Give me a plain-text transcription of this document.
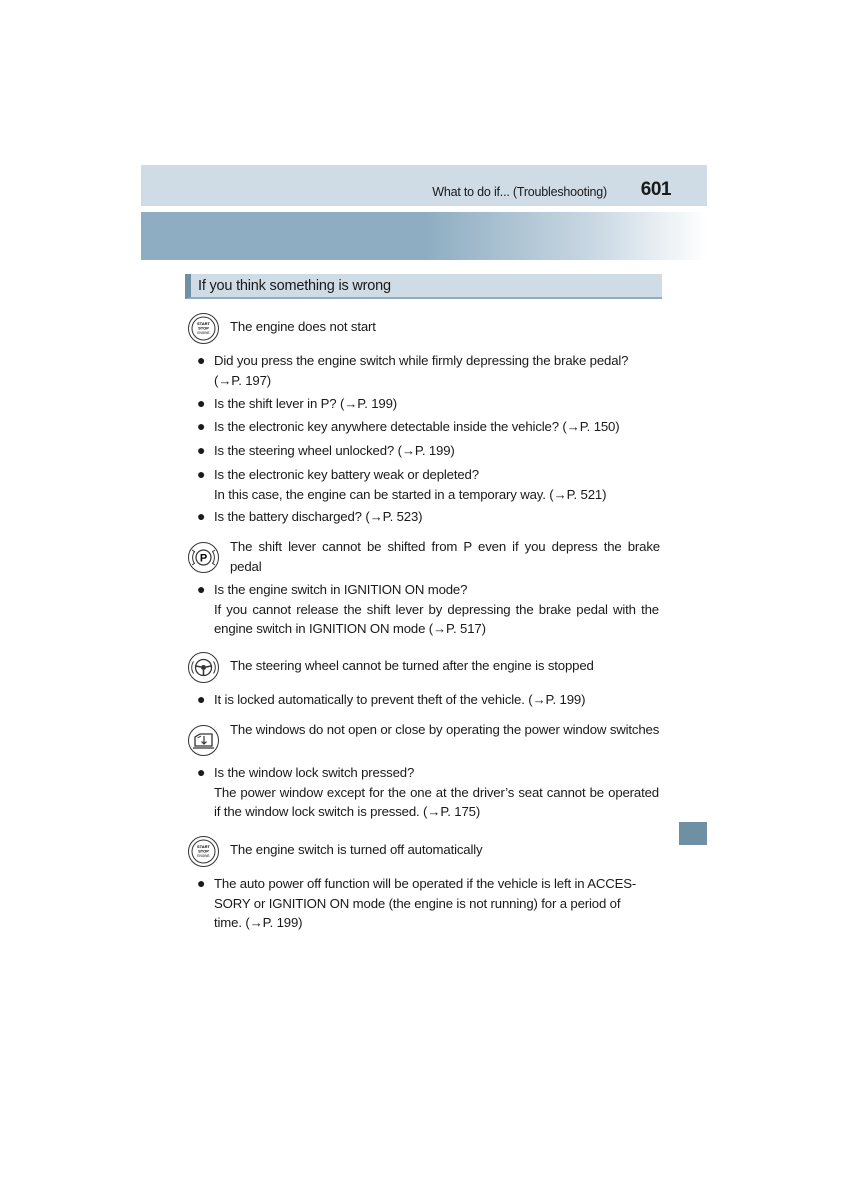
What to do if... (Troubleshooting) 601
If you think something is wrong
START
STOP
ENGINE The engine does not start
● Did you press the engine switch while firmly depressing the brake pedal?
(→P. 197)
● Is the shift lever in P? (→P. 199)
● Is the electronic key anywhere detectable inside the vehicle? (→P. 150)
● Is the steering wheel unlocked? (→P. 199)
● Is the electronic key battery weak or depleted?
In this case, the engine can be started in a temporary way. (→P. 521)
● Is the battery discharged? (→P. 523)
P
The shift lever cannot be shifted from P even if you depress the brake pedal
● Is the engine switch in IGNITION ON mode?
If you cannot release the shift lever by depressing the brake pedal with the engine switch in IGNITION ON mode (→P. 517)
The steering wheel cannot be turned after the engine is stopped
● It is locked automatically to prevent theft of the vehicle. (→P. 199)
The windows do not open or close by operating the power window switches
● Is the window lock switch pressed?
The power window except for the one at the driver’s seat cannot be operated if the window lock switch is pressed. (→P. 175)
START
STOP
ENGINE The engine switch is turned off automatically
● The auto power off function will be operated if the vehicle is left in ACCES-
SORY or IGNITION ON mode (the engine is not running) for a period of
time. (→P. 199)
